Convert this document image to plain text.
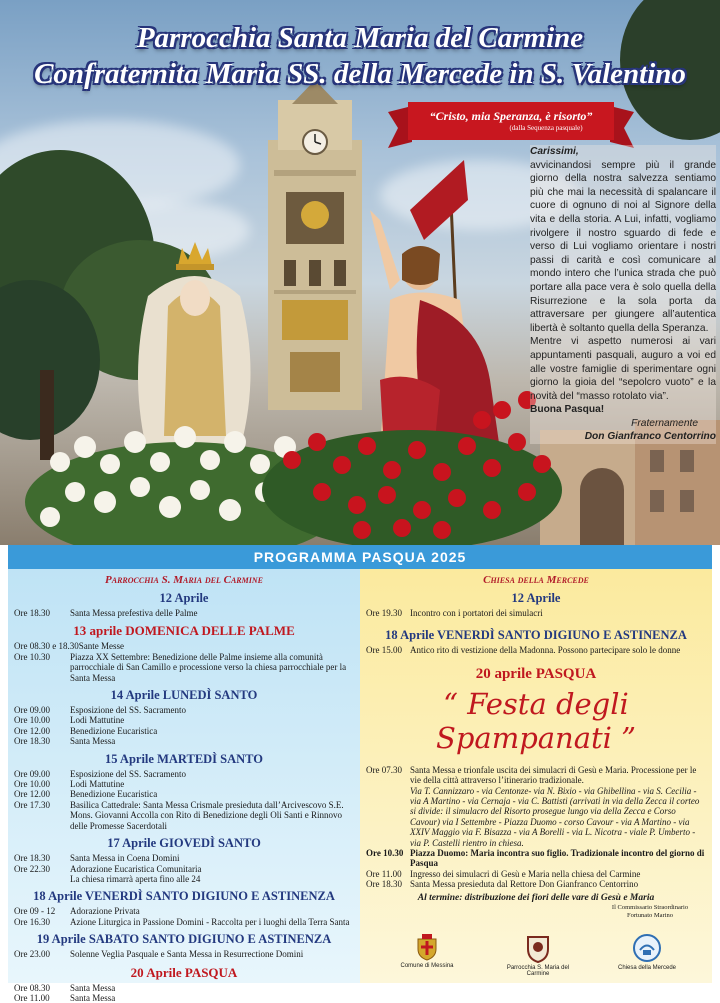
Parrocchia Santa Maria del Carmine
Confraternita Maria SS. della Mercede in S. Valentino
“Cristo, mia Speranza, è risorto”
(dalla Sequenza pasquale)

Carissimi,

avvicinandosi sempre più il grande giorno della nostra salvezza sentiamo più che mai la necessità di spalancare il cuore di ognuno di noi al Signore della vita e della storia. A Lui, infatti, vogliamo rivolgere il nostro sguardo di fede e verso di Lui vogliamo orientare i nostri passi di carità e così comunicare al mondo intero che l’unica strada che può portare alla pace vera è solo quella della Risurrezione e la sola porta da attraversare per giungere all’autentica libertà è soltanto quella della Speranza.

Mentre vi aspetto numerosi ai vari appuntamenti pasquali, auguro a voi ed alle vostre famiglie di sperimentare ogni giorno la gioia del “sepolcro vuoto” e la novità del “masso rotolato via”.

Buona Pasqua!

Fraternamente

Don Gianfranco Centorrino

PROGRAMMA PASQUA 2025
Parrocchia S. Maria del Carmine
12 Aprile
Ore 18.30	Santa Messa prefestiva delle Palme
13 aprile DOMENICA DELLE PALME
Ore 08.30 e 18.30 Sante Messe
Ore 10.30	Piazza XX Settembre: Benedizione delle Palme insieme alla comunità parrocchiale di San Camillo e processione verso la chiesa parrocchiale per la Santa Messa
14 Aprile LUNEDÌ SANTO
Ore 09.00	Esposizione del SS. Sacramento
Ore 10.00	Lodi Mattutine
Ore 12.00	Benedizione Eucaristica
Ore 18.30	Santa Messa
15 Aprile MARTEDÌ SANTO
Ore 09.00	Esposizione del SS. Sacramento
Ore 10.00	Lodi Mattutine
Ore 12.00	Benedizione Eucaristica
Ore 17.30	Basilica Cattedrale: Santa Messa Crismale presieduta dall’Arcivescovo S.E. Mons. Giovanni Accolla con Rito di Benedizione degli Oli Santi e Rinnovo delle Promesse Sacerdotali
17 Aprile GIOVEDÌ SANTO
Ore 18.30	Santa Messa in Coena Domini
Ore 22.30	Adorazione Eucaristica Comunitaria
La chiesa rimarrà aperta fino alle 24
18 Aprile VENERDÌ SANTO DIGIUNO E ASTINENZA
Ore 09 - 12	Adorazione Privata
Ore 16.30	Azione Liturgica in Passione Domini - Raccolta per i luoghi della Terra Santa
19 Aprile SABATO SANTO DIGIUNO E ASTINENZA
Ore 23.00	Solenne Veglia Pasquale e Santa Messa in Resurrectione Domini
20 Aprile PASQUA
Ore 08.30	Santa Messa
Ore 11.00	Santa Messa
Chiesa della Mercede
12 Aprile
Ore 19.30 Incontro con i portatori dei simulacri
18 Aprile VENERDÌ SANTO DIGIUNO E ASTINENZA
Ore 15.00 Antico rito di vestizione della Madonna. Possono partecipare solo le donne
20 aprile PASQUA
“ Festa degli Spampanati ”
Ore 07.30 Santa Messa e trionfale uscita dei simulacri di Gesù e Maria. Processione per le vie della città attraverso l’itinerario tradizionale.
Via T. Cannizzaro - via Centonze- via N. Bixio - via Ghibellina - via S. Cecilia - via A Martino - via Cernaja - via C. Battisti (arrivati in via della Zecca il corteo si divide: il simulacro del Risorto prosegue lungo via della Zecca e Corso Cavour) via I Settembre - Piazza Duomo - corso Cavour - via A Martino - via XXIV Maggio via F. Bisazza - via A Borelli - via L. Nicotra - viale P. Umberto - via P. Castelli rientro in chiesa.
Ore 10.30 Piazza Duomo: Maria incontra suo figlio. Tradizionale incontro del giorno di Pasqua
Ore 11.00 Ingresso dei simulacri di Gesù e Maria nella chiesa del Carmine
Ore 18.30 Santa Messa presieduta dal Rettore Don Gianfranco Centorrino
Al termine: distribuzione dei fiori delle vare di Gesù e Maria
Il Commissario Straordinario
Fortunato Marino
Comune di Messina	Parrocchia S. Maria del Carmine
Chiesa della Mercede
